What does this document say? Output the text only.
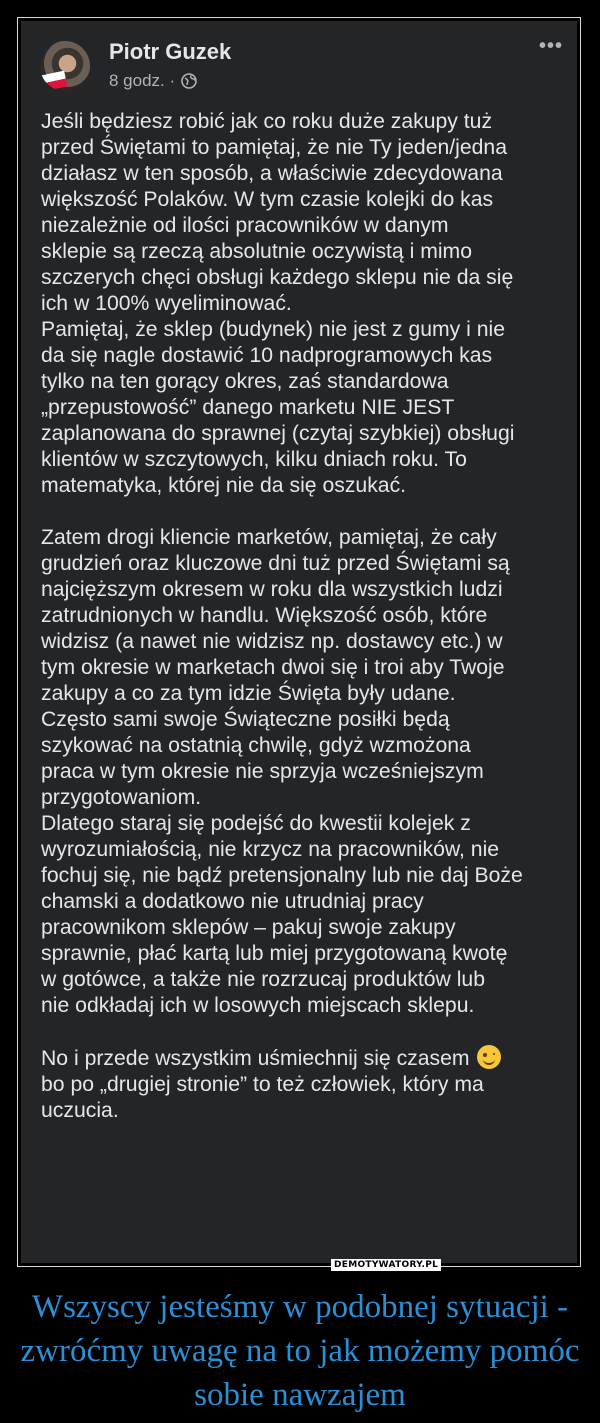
Piotr Guzek
8 godz. ·
•••
Jeśli będziesz robić jak co roku duże zakupy tuż
przed Świętami to pamiętaj, że nie Ty jeden/jedna
działasz w ten sposób, a właściwie zdecydowana
większość Polaków. W tym czasie kolejki do kas
niezależnie od ilości pracowników w danym
sklepie są rzeczą absolutnie oczywistą i mimo
szczerych chęci obsługi każdego sklepu nie da się
ich w 100% wyeliminować.
Pamiętaj, że sklep (budynek) nie jest z gumy i nie
da się nagle dostawić 10 nadprogramowych kas
tylko na ten gorący okres, zaś standardowa
„przepustowość” danego marketu NIE JEST
zaplanowana do sprawnej (czytaj szybkiej) obsługi
klientów w szczytowych, kilku dniach roku. To
matematyka, której nie da się oszukać.

Zatem drogi kliencie marketów, pamiętaj, że cały
grudzień oraz kluczowe dni tuż przed Świętami są
najcięższym okresem w roku dla wszystkich ludzi
zatrudnionych w handlu. Większość osób, które
widzisz (a nawet nie widzisz np. dostawcy etc.) w
tym okresie w marketach dwoi się i troi aby Twoje
zakupy a co za tym idzie Święta były udane.
Często sami swoje Świąteczne posiłki będą
szykować na ostatnią chwilę, gdyż wzmożona
praca w tym okresie nie sprzyja wcześniejszym
przygotowaniom.
Dlatego staraj się podejść do kwestii kolejek z
wyrozumiałością, nie krzycz na pracowników, nie
fochuj się, nie bądź pretensjonalny lub nie daj Boże
chamski a dodatkowo nie utrudniaj pracy
pracownikom sklepów – pakuj swoje zakupy
sprawnie, płać kartą lub miej przygotowaną kwotę
w gotówce, a także nie rozrzucaj produktów lub
nie odkładaj ich w losowych miejscach sklepu.

No i przede wszystkim uśmiechnij się czasem
bo po „drugiej stronie” to też człowiek, który ma
uczucia.
DEMOTYWATORY.PL
Wszyscy jesteśmy w podobnej sytuacji - zwróćmy uwagę na to jak możemy pomóc sobie nawzajem
